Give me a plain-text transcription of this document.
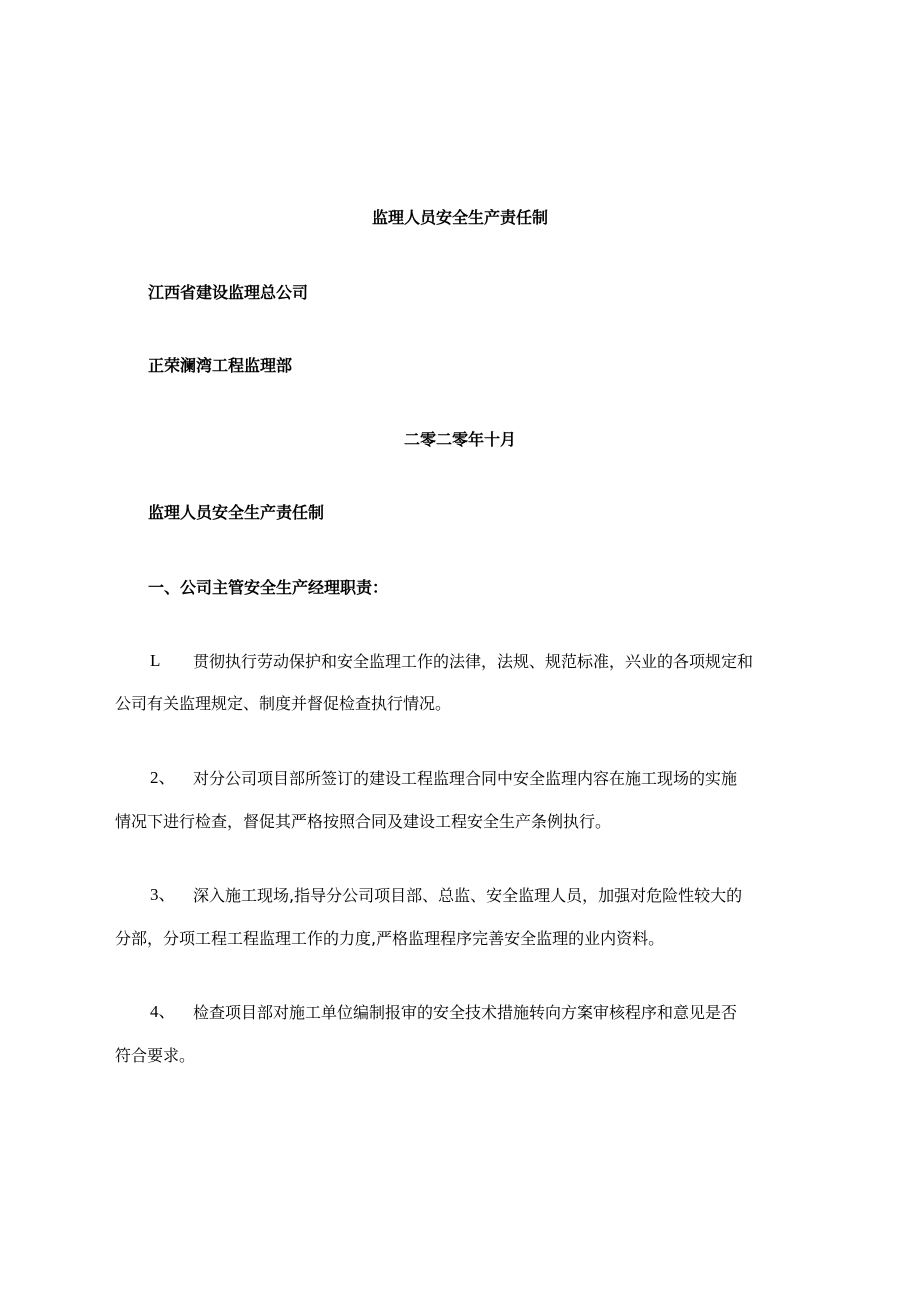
监理人员安全生产责任制
江西省建设监理总公司
正荣澜湾工程监理部
二零二零年十月
监理人员安全生产责任制
一、公司主管安全生产经理职责：
L 贯彻执行劳动保护和安全监理工作的法律，法规、规范标准，兴业的各项规定和
公司有关监理规定、制度并督促检查执行情况。
2、 对分公司项目部所签订的建设工程监理合同中安全监理内容在施工现场的实施
情况下进行检查，督促其严格按照合同及建设工程安全生产条例执行。
3、 深入施工现场,指导分公司项目部、总监、安全监理人员，加强对危险性较大的
分部，分项工程工程监理工作的力度,严格监理程序完善安全监理的业内资料。
4、 检查项目部对施工单位编制报审的安全技术措施转向方案审核程序和意见是否
符合要求。
